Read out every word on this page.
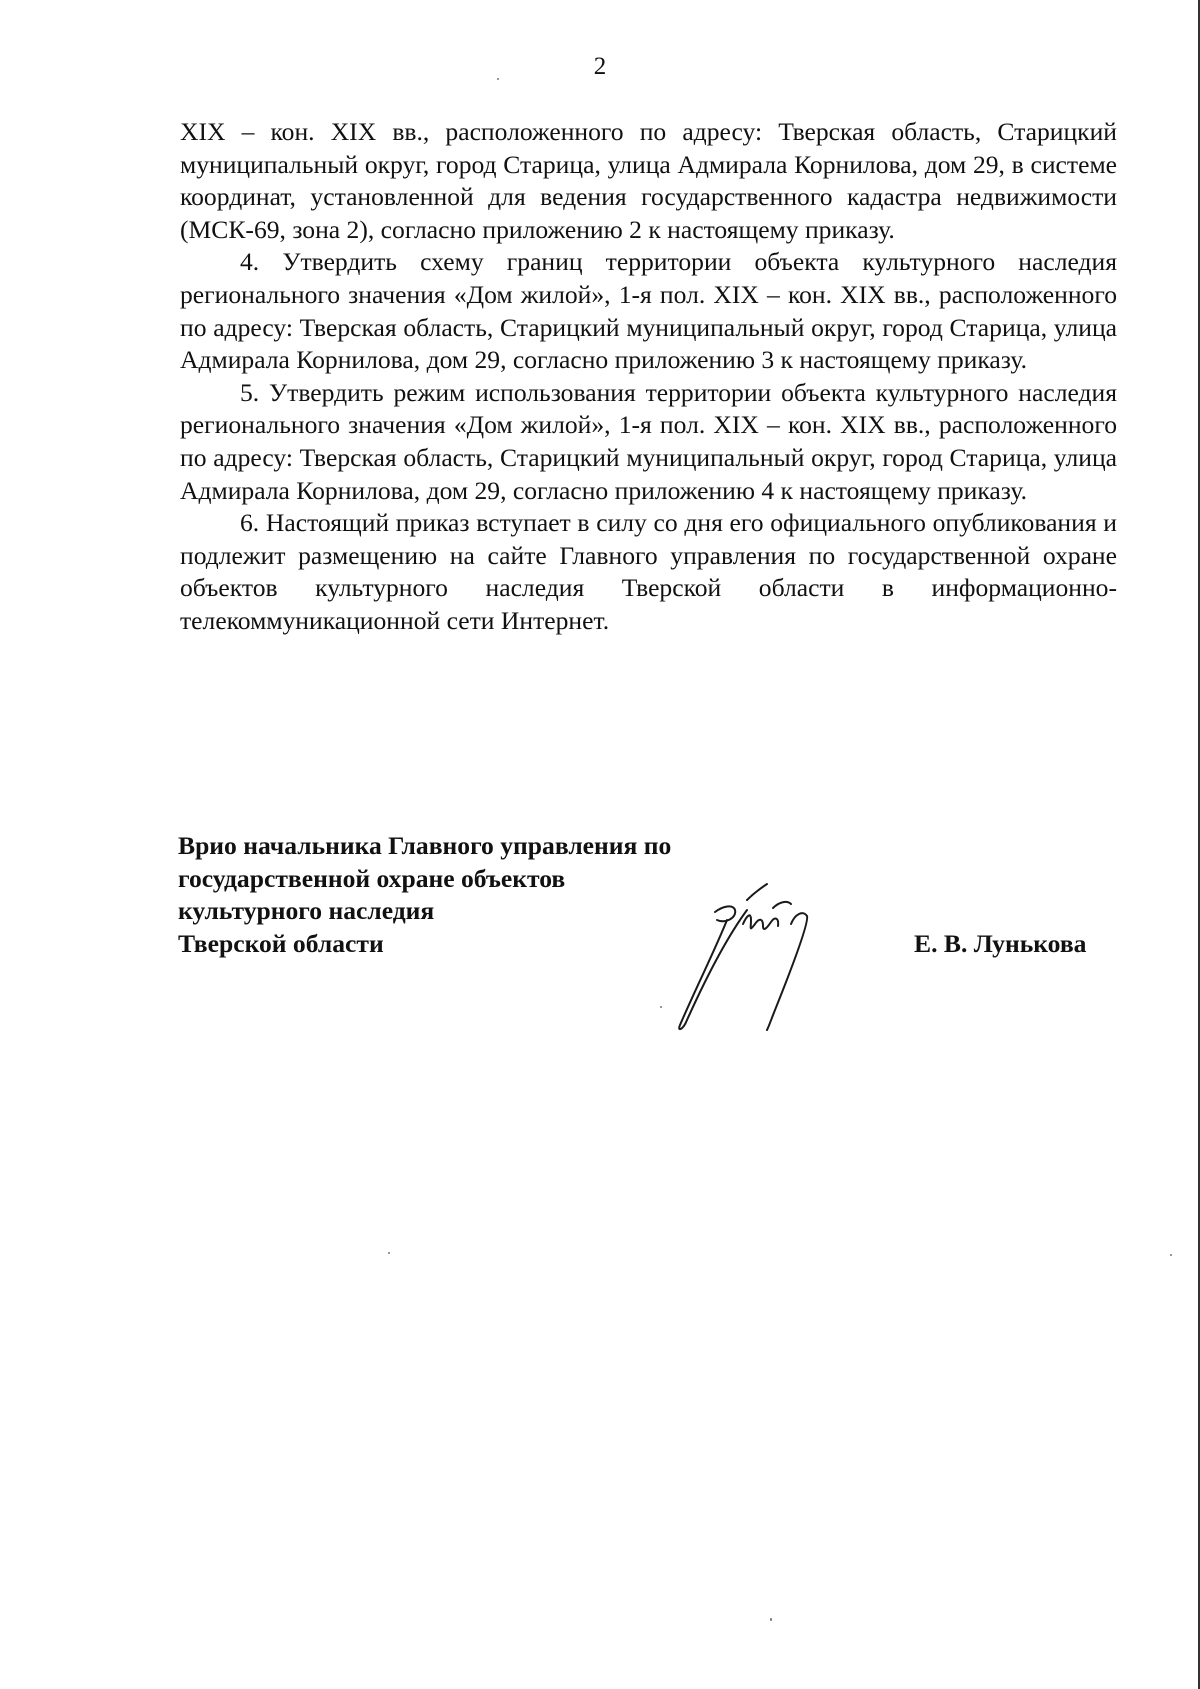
2

XIX – кон. XIX вв., расположенного по адресу: Тверская область, Старицкий муниципальный округ, город Старица, улица Адмирала Корнилова, дом 29, в системе координат, установленной для ведения государственного кадастра недвижимости (МСК-69, зона 2), согласно приложению 2 к настоящему приказу.

4. Утвердить схему границ территории объекта культурного наследия регионального значения «Дом жилой», 1-я пол. XIX – кон. XIX вв., расположенного по адресу: Тверская область, Старицкий муниципальный округ, город Старица, улица Адмирала Корнилова, дом 29, согласно приложению 3 к настоящему приказу.

5. Утвердить режим использования территории объекта культурного наследия регионального значения «Дом жилой», 1-я пол. XIX – кон. XIX вв., расположенного по адресу: Тверская область, Старицкий муниципальный округ, город Старица, улица Адмирала Корнилова, дом 29, согласно приложению 4 к настоящему приказу.

6. Настоящий приказ вступает в силу со дня его официального опубликования и подлежит размещению на сайте Главного управления по государственной охране объектов культурного наследия Тверской области в информационно-телекоммуникационной сети Интернет.

Врио начальника Главного управления по
государственной охране объектов
культурного наследия
Тверской области	Е. В. Лунькова
